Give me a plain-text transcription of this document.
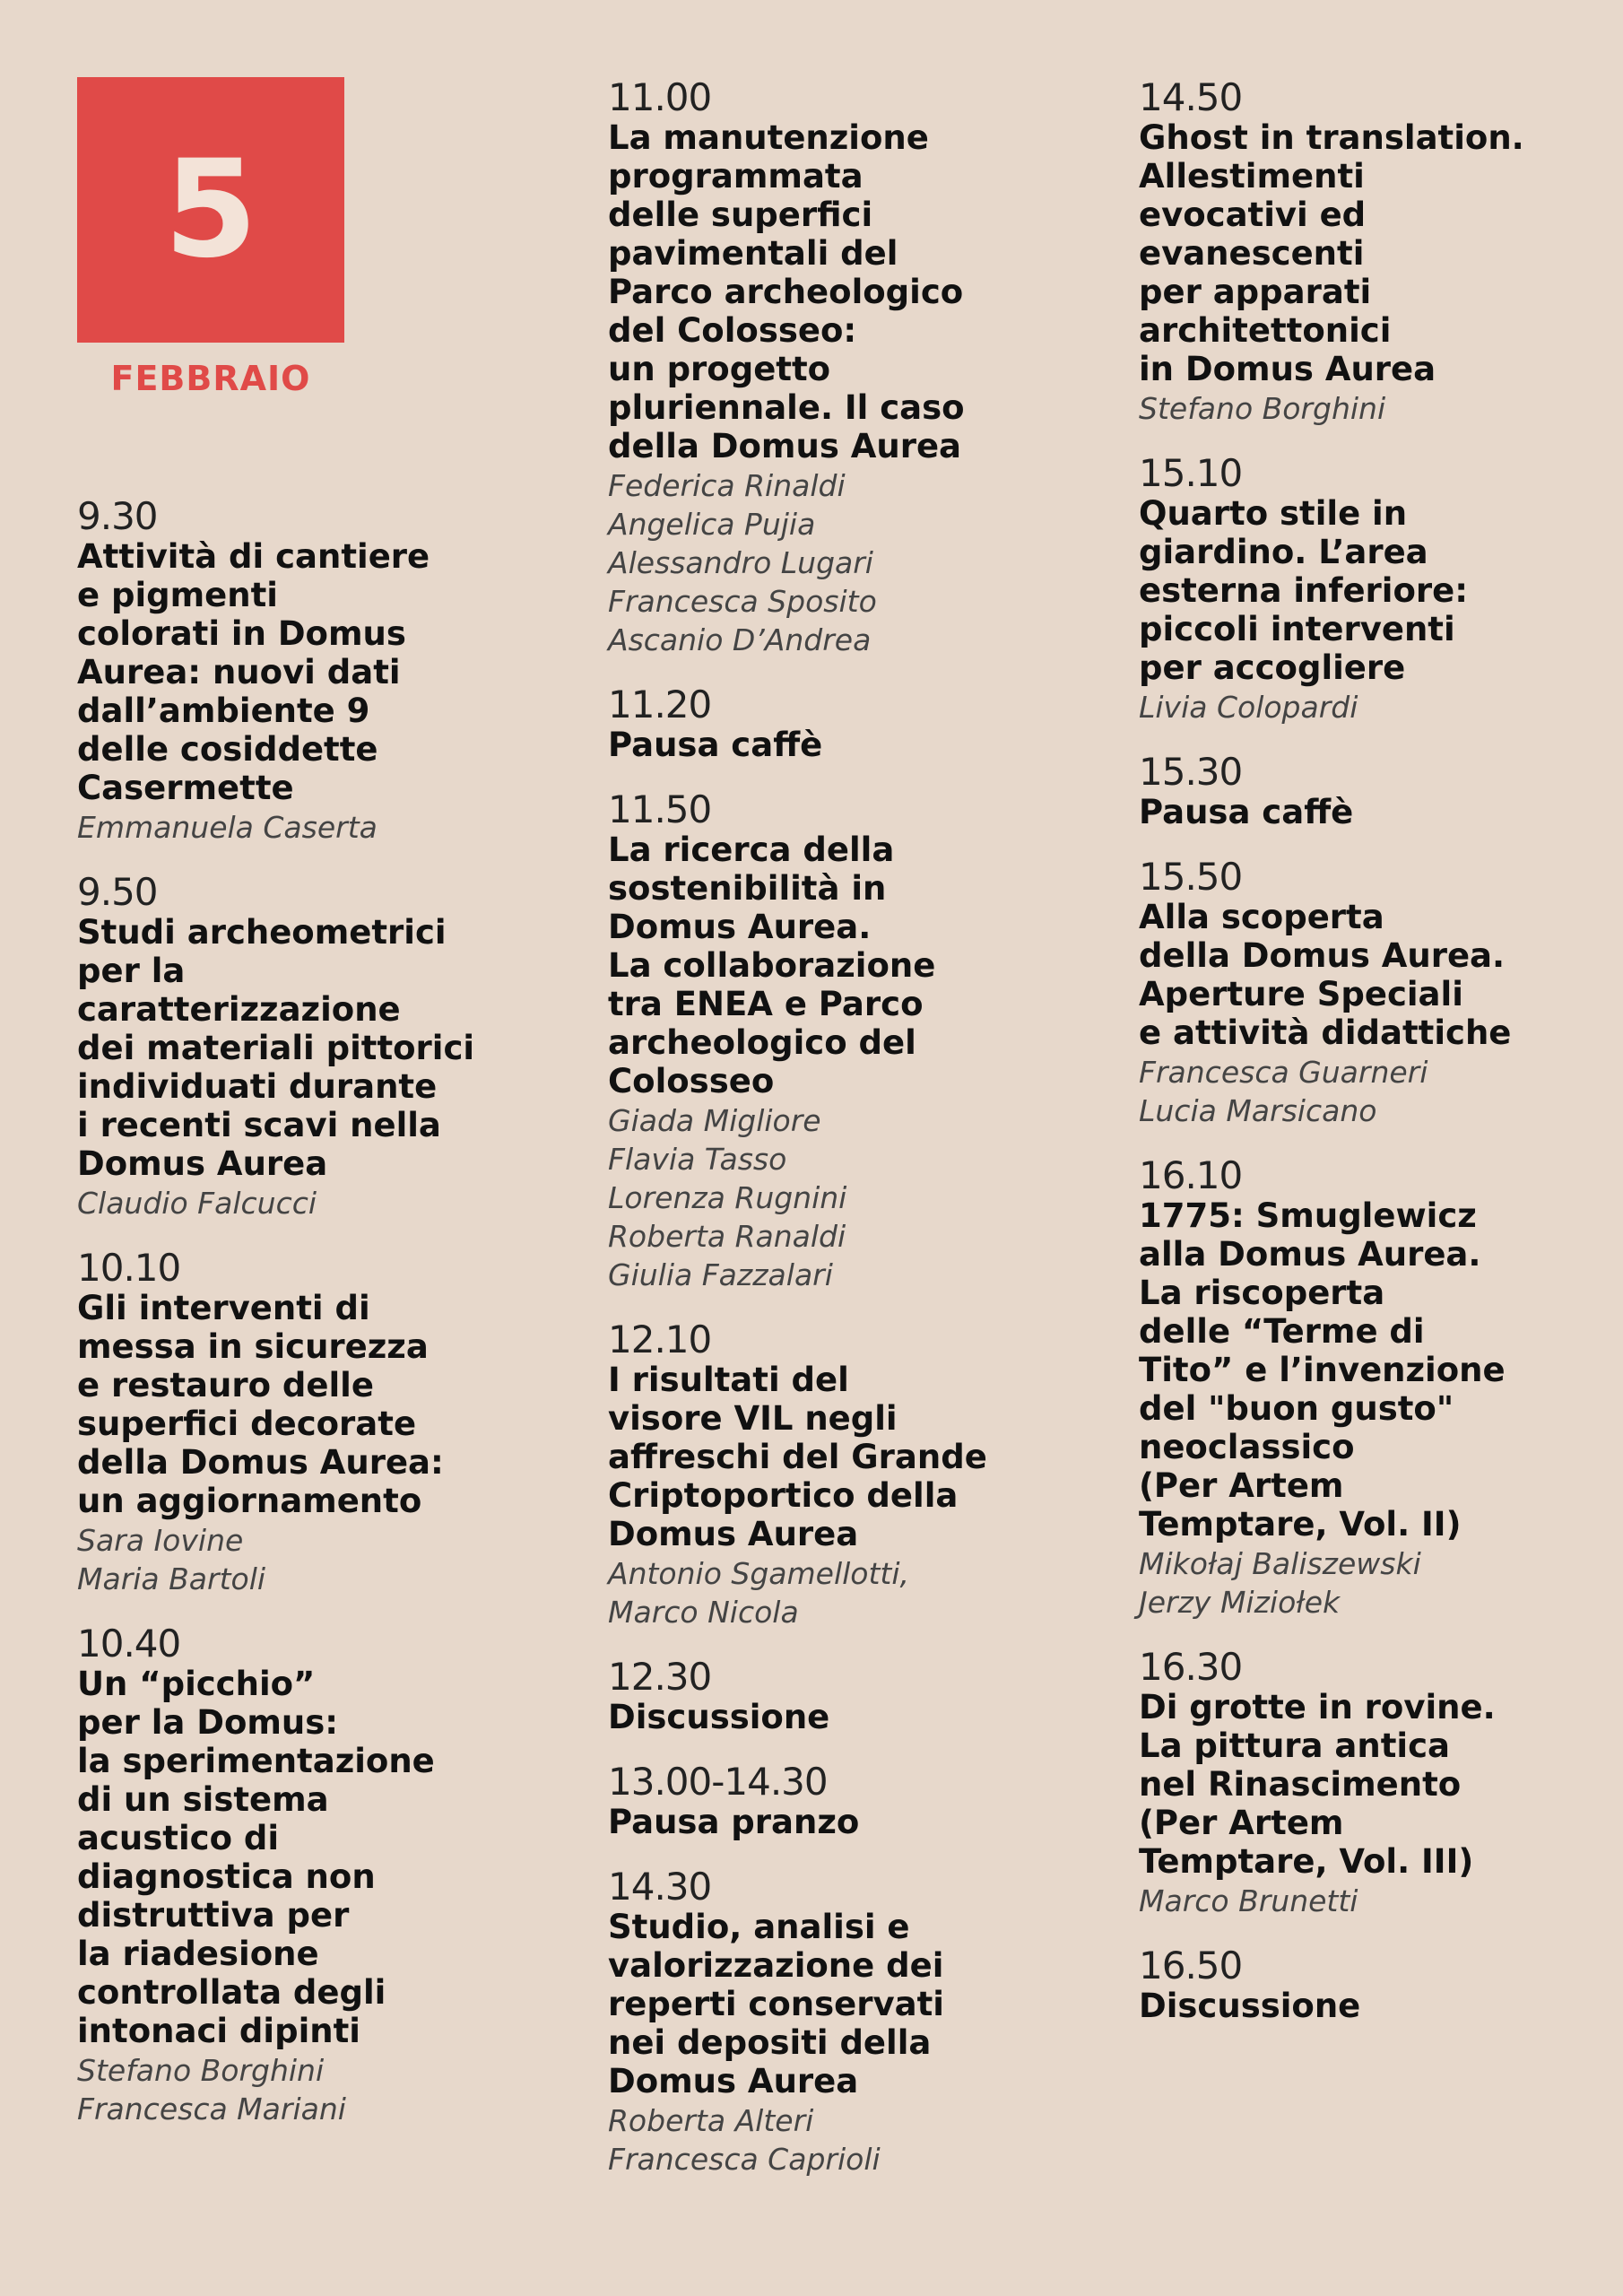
5
FEBBRAIO
9.30
Attività di cantiere
e pigmenti
colorati in Domus
Aurea: nuovi dati
dall’ambiente 9
delle cosiddette
Casermette
Emmanuela Caserta
9.50
Studi archeometrici
per la
caratterizzazione
dei materiali pittorici
individuati durante
i recenti scavi nella
Domus Aurea
Claudio Falcucci
10.10
Gli interventi di
messa in sicurezza
e restauro delle
superfici decorate
della Domus Aurea:
un aggiornamento
Sara Iovine
Maria Bartoli
10.40
Un “picchio”
per la Domus:
la sperimentazione
di un sistema
acustico di
diagnostica non
distruttiva per
la riadesione
controllata degli
intonaci dipinti
Stefano Borghini
Francesca Mariani
11.00
La manutenzione
programmata
delle superfici
pavimentali del
Parco archeologico
del Colosseo:
un progetto
pluriennale. Il caso
della Domus Aurea
Federica Rinaldi
Angelica Pujia
Alessandro Lugari
Francesca Sposito
Ascanio D’Andrea
11.20
Pausa caffè
11.50
La ricerca della
sostenibilità in
Domus Aurea.
La collaborazione
tra ENEA e Parco
archeologico del
Colosseo
Giada Migliore
Flavia Tasso
Lorenza Rugnini
Roberta Ranaldi
Giulia Fazzalari
12.10
I risultati del
visore VIL negli
affreschi del Grande
Criptoportico della
Domus Aurea
Antonio Sgamellotti,
Marco Nicola
12.30
Discussione
13.00-14.30
Pausa pranzo
14.30
Studio, analisi e
valorizzazione dei
reperti conservati
nei depositi della
Domus Aurea
Roberta Alteri
Francesca Caprioli
14.50
Ghost in translation.
Allestimenti
evocativi ed
evanescenti
per apparati
architettonici
in Domus Aurea
Stefano Borghini
15.10
Quarto stile in
giardino. L’area
esterna inferiore:
piccoli interventi
per accogliere
Livia Colopardi
15.30
Pausa caffè
15.50
Alla scoperta
della Domus Aurea.
Aperture Speciali
e attività didattiche
Francesca Guarneri
Lucia Marsicano
16.10
1775: Smuglewicz
alla Domus Aurea.
La riscoperta
delle “Terme di
Tito” e l’invenzione
del "buon gusto"
neoclassico
(Per Artem
Temptare, Vol. II)
Mikołaj Baliszewski
Jerzy Miziołek
16.30
Di grotte in rovine.
La pittura antica
nel Rinascimento
(Per Artem
Temptare, Vol. III)
Marco Brunetti
16.50
Discussione
